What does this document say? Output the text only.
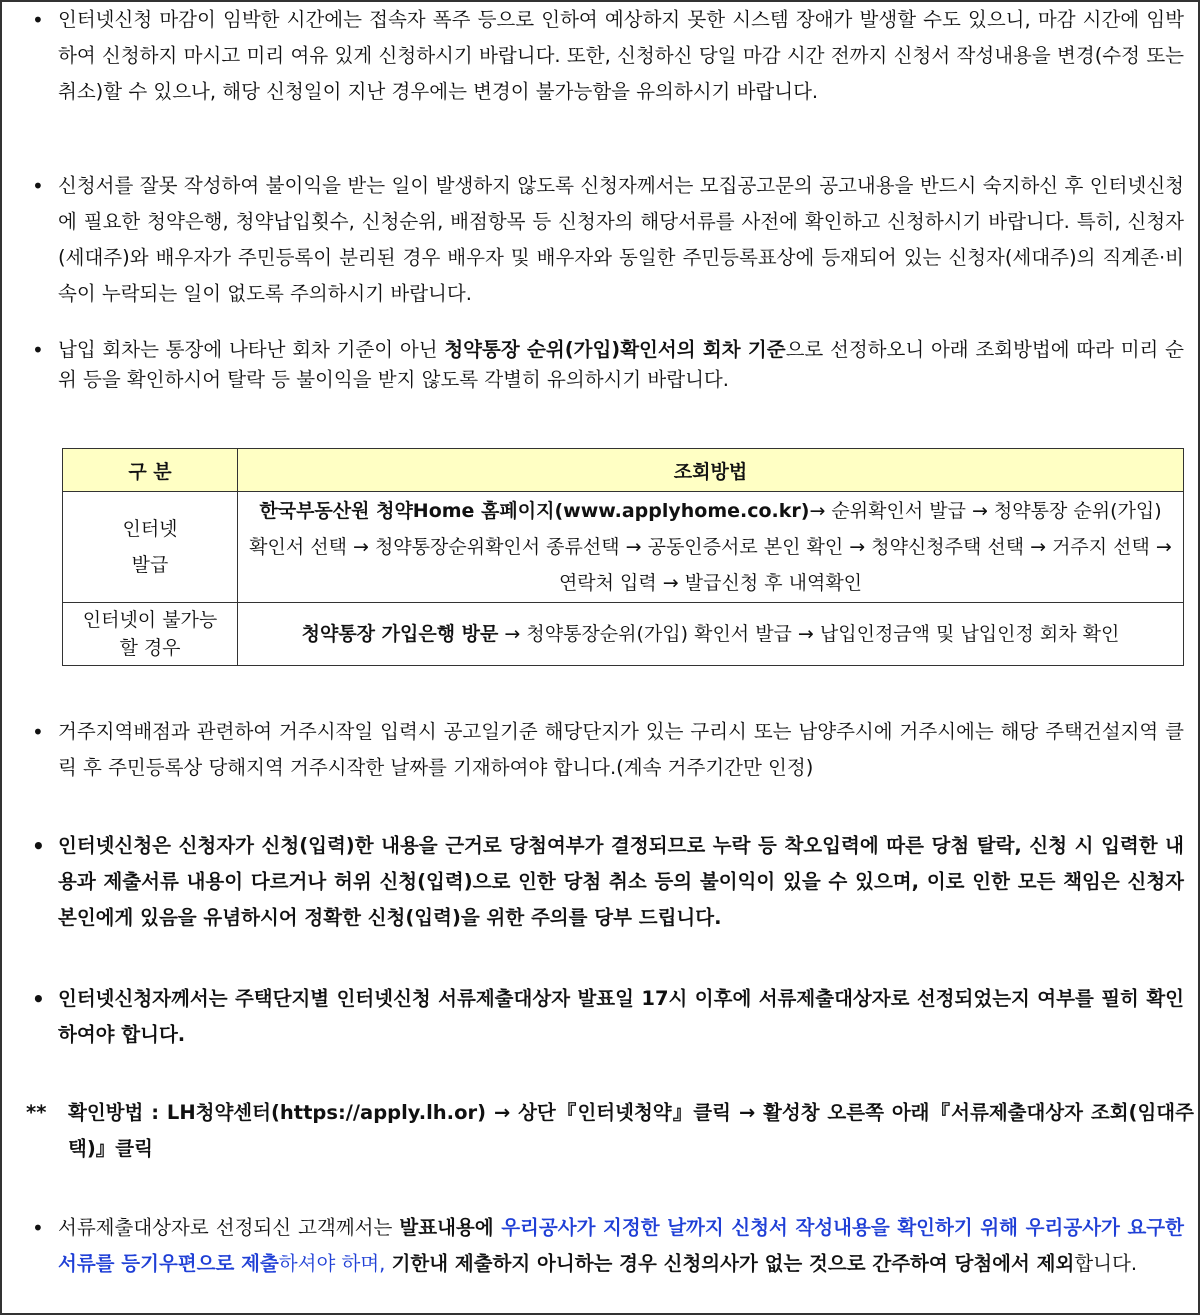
• 인터넷신청 마감이 임박한 시간에는 접속자 폭주 등으로 인하여 예상하지 못한 시스템 장애가 발생할 수도 있으니, 마감 시간에 임박하여 신청하지 마시고 미리 여유 있게 신청하시기 바랍니다. 또한, 신청하신 당일 마감 시간 전까지 신청서 작성내용을 변경(수정 또는 취소)할 수 있으나, 해당 신청일이 지난 경우에는 변경이 불가능함을 유의하시기 바랍니다.
• 신청서를 잘못 작성하여 불이익을 받는 일이 발생하지 않도록 신청자께서는 모집공고문의 공고내용을 반드시 숙지하신 후 인터넷신청에 필요한 청약은행, 청약납입횟수, 신청순위, 배점항목 등 신청자의 해당서류를 사전에 확인하고 신청하시기 바랍니다. 특히, 신청자(세대주)와 배우자가 주민등록이 분리된 경우 배우자 및 배우자와 동일한 주민등록표상에 등재되어 있는 신청자(세대주)의 직계존·비속이 누락되는 일이 없도록 주의하시기 바랍니다.
• 납입 회차는 통장에 나타난 회차 기준이 아닌 청약통장 순위(가입)확인서의 회차 기준으로 선정하오니 아래 조회방법에 따라 미리 순위 등을 확인하시어 탈락 등 불이익을 받지 않도록 각별히 유의하시기 바랍니다.
구 분	조회방법

인터넷
발급	한국부동산원 청약Home 홈페이지(www.applyhome.co.kr)→ 순위확인서 발급 → 청약통장 순위(가입) 확인서 선택 → 청약통장순위확인서 종류선택 → 공동인증서로 본인 확인 → 청약신청주택 선택 → 거주지 선택 → 연락처 입력 → 발급신청 후 내역확인

인터넷이 불가능
할 경우	청약통장 가입은행 방문 → 청약통장순위(가입) 확인서 발급 → 납입인정금액 및 납입인정 회차 확인
• 거주지역배점과 관련하여 거주시작일 입력시 공고일기준 해당단지가 있는 구리시 또는 남양주시에 거주시에는 해당 주택건설지역 클릭 후 주민등록상 당해지역 거주시작한 날짜를 기재하여야 합니다.(계속 거주기간만 인정)
• 인터넷신청은 신청자가 신청(입력)한 내용을 근거로 당첨여부가 결정되므로 누락 등 착오입력에 따른 당첨 탈락, 신청 시 입력한 내용과 제출서류 내용이 다르거나 허위 신청(입력)으로 인한 당첨 취소 등의 불이익이 있을 수 있으며, 이로 인한 모든 책임은 신청자 본인에게 있음을 유념하시어 정확한 신청(입력)을 위한 주의를 당부 드립니다.
• 인터넷신청자께서는 주택단지별 인터넷신청 서류제출대상자 발표일 17시 이후에 서류제출대상자로 선정되었는지 여부를 필히 확인하여야 합니다.
** 확인방법 : LH청약센터(https://apply.lh.or) → 상단『인터넷청약』클릭 → 활성창 오른쪽 아래『서류제출대상자 조회(임대주택)』클릭
• 서류제출대상자로 선정되신 고객께서는 발표내용에 우리공사가 지정한 날까지 신청서 작성내용을 확인하기 위해 우리공사가 요구한 서류를 등기우편으로 제출하셔야 하며, 기한내 제출하지 아니하는 경우 신청의사가 없는 것으로 간주하여 당첨에서 제외합니다.
